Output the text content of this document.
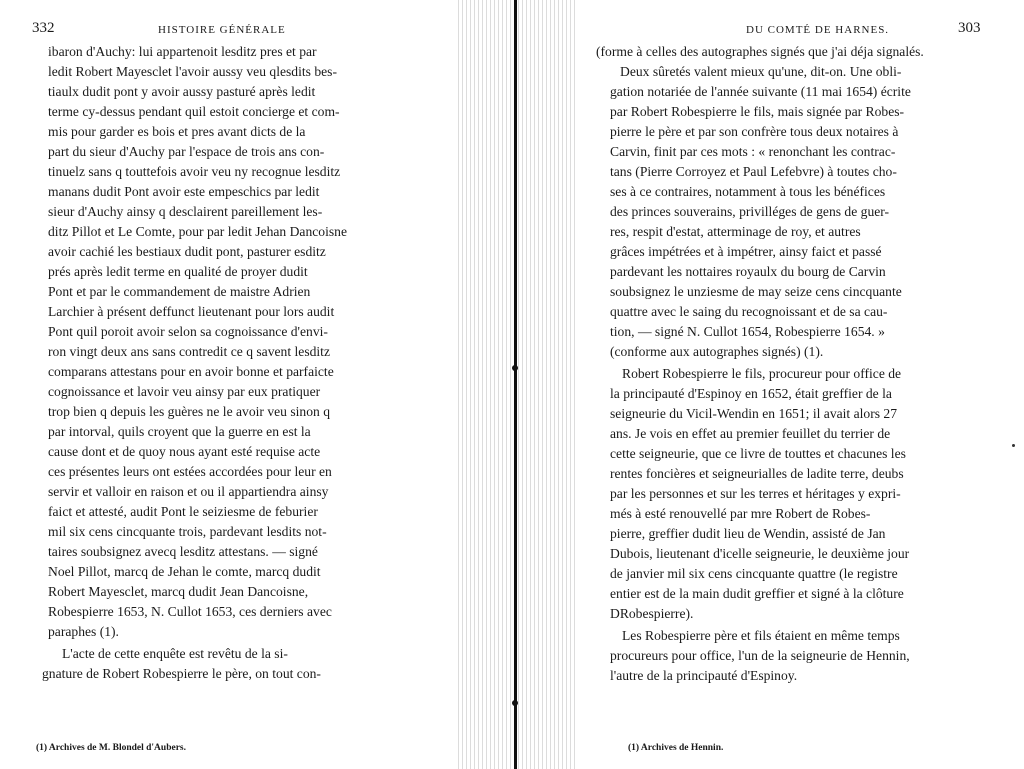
332	HISTOIRE GÉNÉRALE
ibaron d'Auchy: lui appartenoit lesditz pres et par
ledit Robert Mayesclet l'avoir aussy veu qlesdits bes-
tiaulx dudit pont y avoir aussy pasturé après ledit
terme cy-dessus pendant quil estoit concierge et com-
mis pour garder es bois et pres avant dicts de la
part du sieur d'Auchy par l'espace de trois ans con-
tinuelz sans q touttefois avoir veu ny recognue lesditz
manans dudit Pont avoir este empeschics par ledit
sieur d'Auchy ainsy q desclairent pareillement les-
ditz Pillot et Le Comte, pour par ledit Jehan Dancoisne
avoir cachié les bestiaux dudit pont, pasturer esditz
prés après ledit terme en qualité de proyer dudit
Pont et par le commandement de maistre Adrien
Larchier à présent deffunct lieutenant pour lors audit
Pont quil poroit avoir selon sa cognoissance d'envi-
ron vingt deux ans sans contredit ce q savent lesditz
comparans attestans pour en avoir bonne et parfaicte
cognoissance et lavoir veu ainsy par eux pratiquer
trop bien q depuis les guères ne le avoir veu sinon q
par intorval, quils croyent que la guerre en est la
cause dont et de quoy nous ayant esté requise acte
ces présentes leurs ont estées accordées pour leur en
servir et valloir en raison et ou il appartiendra ainsy
faict et attesté, audit Pont le seiziesme de feburier
mil six cens cincquante trois, pardevant lesdits not-
taires soubsignez avecq lesditz attestans. — signé
Noel Pillot, marcq de Jehan le comte, marcq dudit
Robert Mayesclet, marcq dudit Jean Dancoisne,
Robespierre 1653, N. Cullot 1653, ces derniers avec
paraphes (1).
L'acte de cette enquête est revêtu de la si-
gnature de Robert Robespierre le père, on tout con-
(1) Archives de M. Blondel d'Aubers.
DU COMTÉ DE HARNES.	303
(forme à celles des autographes signés que j'ai déja signalés.
Deux sûretés valent mieux qu'une, dit-on. Une obli-
gation notariée de l'année suivante (11 mai 1654) écrite
par Robert Robespierre le fils, mais signée par Robes-
pierre le père et par son confrère tous deux notaires à
Carvin, finit par ces mots : « renonchant les contrac-
tans (Pierre Corroyez et Paul Lefebvre) à toutes cho-
ses à ce contraires, notamment à tous les bénéfices
des princes souverains, privilléges de gens de guer-
res, respit d'estat, atterminage de roy, et autres
grâces impétrées et à impétrer, ainsy faict et passé
pardevant les nottaires royaulx du bourg de Carvin
soubsignez le unziesme de may seize cens cincquante
quattre avec le saing du recognoissant et de sa cau-
tion, — signé N. Cullot 1654, Robespierre 1654. »
(conforme aux autographes signés) (1).
Robert Robespierre le fils, procureur pour office de
la principauté d'Espinoy en 1652, était greffier de la
seigneurie du Vicil-Wendin en 1651; il avait alors 27
ans. Je vois en effet au premier feuillet du terrier de
cette seigneurie, que ce livre de touttes et chacunes les
rentes foncières et seigneurialles de ladite terre, deubs
par les personnes et sur les terres et héritages y expri-
més à esté renouvellé par mre Robert de Robes-
pierre, greffier dudit lieu de Wendin, assisté de Jan
Dubois, lieutenant d'icelle seigneurie, le deuxième jour
de janvier mil six cens cincquante quattre (le registre
entier est de la main dudit greffier et signé à la clôture
DRobespierre).
Les Robespierre père et fils étaient en même temps
procureurs pour office, l'un de la seigneurie de Hennin,
l'autre de la principauté d'Espinoy.
(1) Archives de Hennin.
